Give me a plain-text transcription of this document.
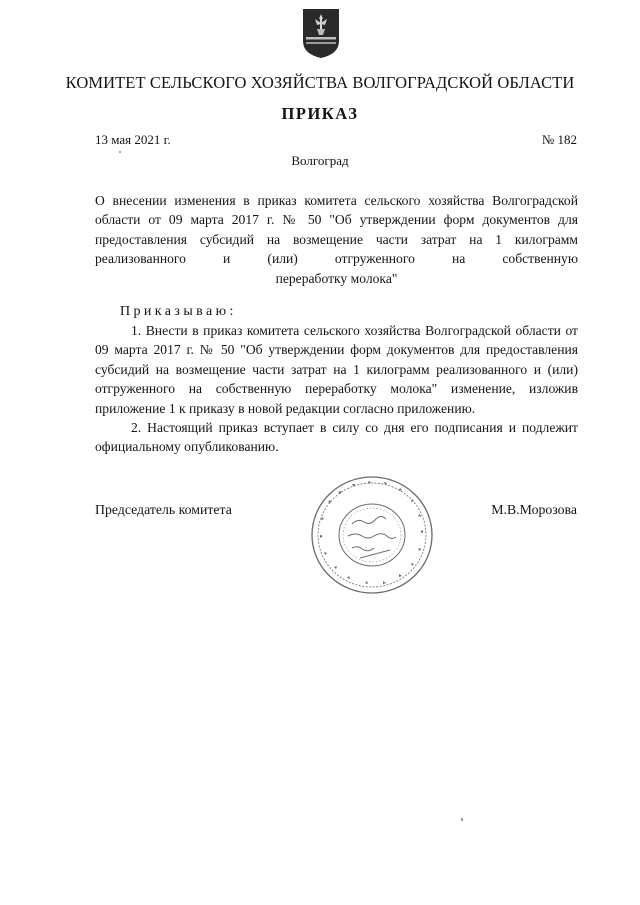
КОМИТЕТ СЕЛЬСКОГО ХОЗЯЙСТВА ВОЛГОГРАДСКОЙ ОБЛАСТИ
ПРИКАЗ
13 мая 2021 г.	№ 182
Волгоград
О внесении изменения в приказ комитета сельского хозяйства Волгоградской области от 09 марта 2017 г. № 50 "Об утверждении форм документов для предоставления субсидий на возмещение части затрат на 1 килограмм реализованного и (или) отгруженного на собственную
переработку молока"
Приказываю:

1. Внести в приказ комитета сельского хозяйства Волгоградской области от 09 марта 2017 г. № 50 "Об утверждении форм документов для предоставления субсидий на возмещение части затрат на 1 килограмм реализованного и (или) отгруженного на собственную переработку молока" изменение, изложив приложение 1 к приказу в новой редакции согласно приложению.

2. Настоящий приказ вступает в силу со дня его подписания и подлежит официальному опубликованию.

Председатель комитета	М.В.Морозова
